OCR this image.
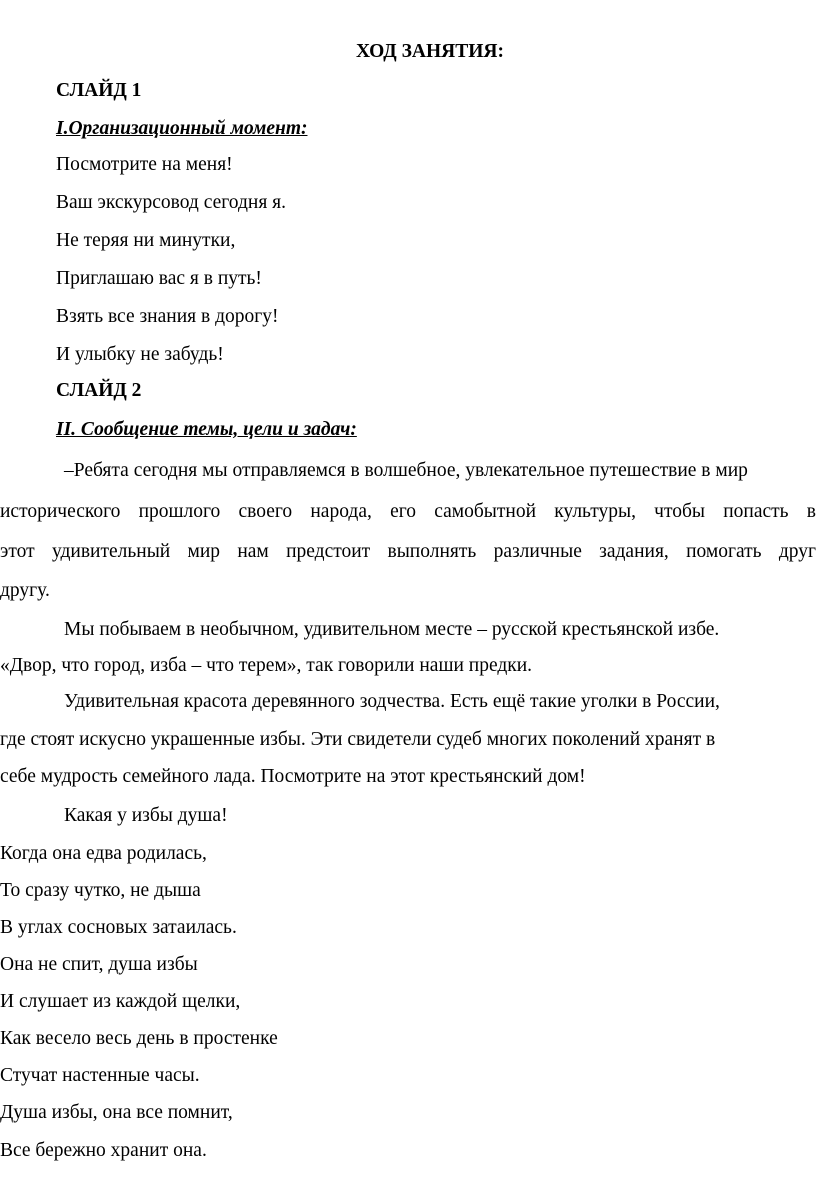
ХОД ЗАНЯТИЯ:
СЛАЙД 1
I.Организационный момент:
Посмотрите на меня!
Ваш экскурсовод сегодня я.
Не теряя ни минутки,
Приглашаю вас я в путь!
Взять все знания в дорогу!
И улыбку не забудь!
СЛАЙД 2
II. Сообщение темы, цели и задач:
–Ребята сегодня мы отправляемся в волшебное, увлекательное путешествие в мир
исторического прошлого своего народа, его самобытной культуры, чтобы попасть в
этот удивительный мир нам предстоит выполнять различные задания, помогать друг
другу.
Мы побываем в необычном, удивительном месте – русской крестьянской избе.
«Двор, что город, изба – что терем», так говорили наши предки.
Удивительная красота деревянного зодчества. Есть ещё такие уголки в России,
где стоят искусно украшенные избы. Эти свидетели судеб многих поколений хранят в
себе мудрость семейного лада. Посмотрите на этот крестьянский дом!
Какая у избы душа!
Когда она едва родилась,
То сразу чутко, не дыша
В углах сосновых затаилась.
Она не спит, душа избы
И слушает из каждой щелки,
Как весело весь день в простенке
Стучат настенные часы.
Душа избы, она все помнит,
Все бережно хранит она.
